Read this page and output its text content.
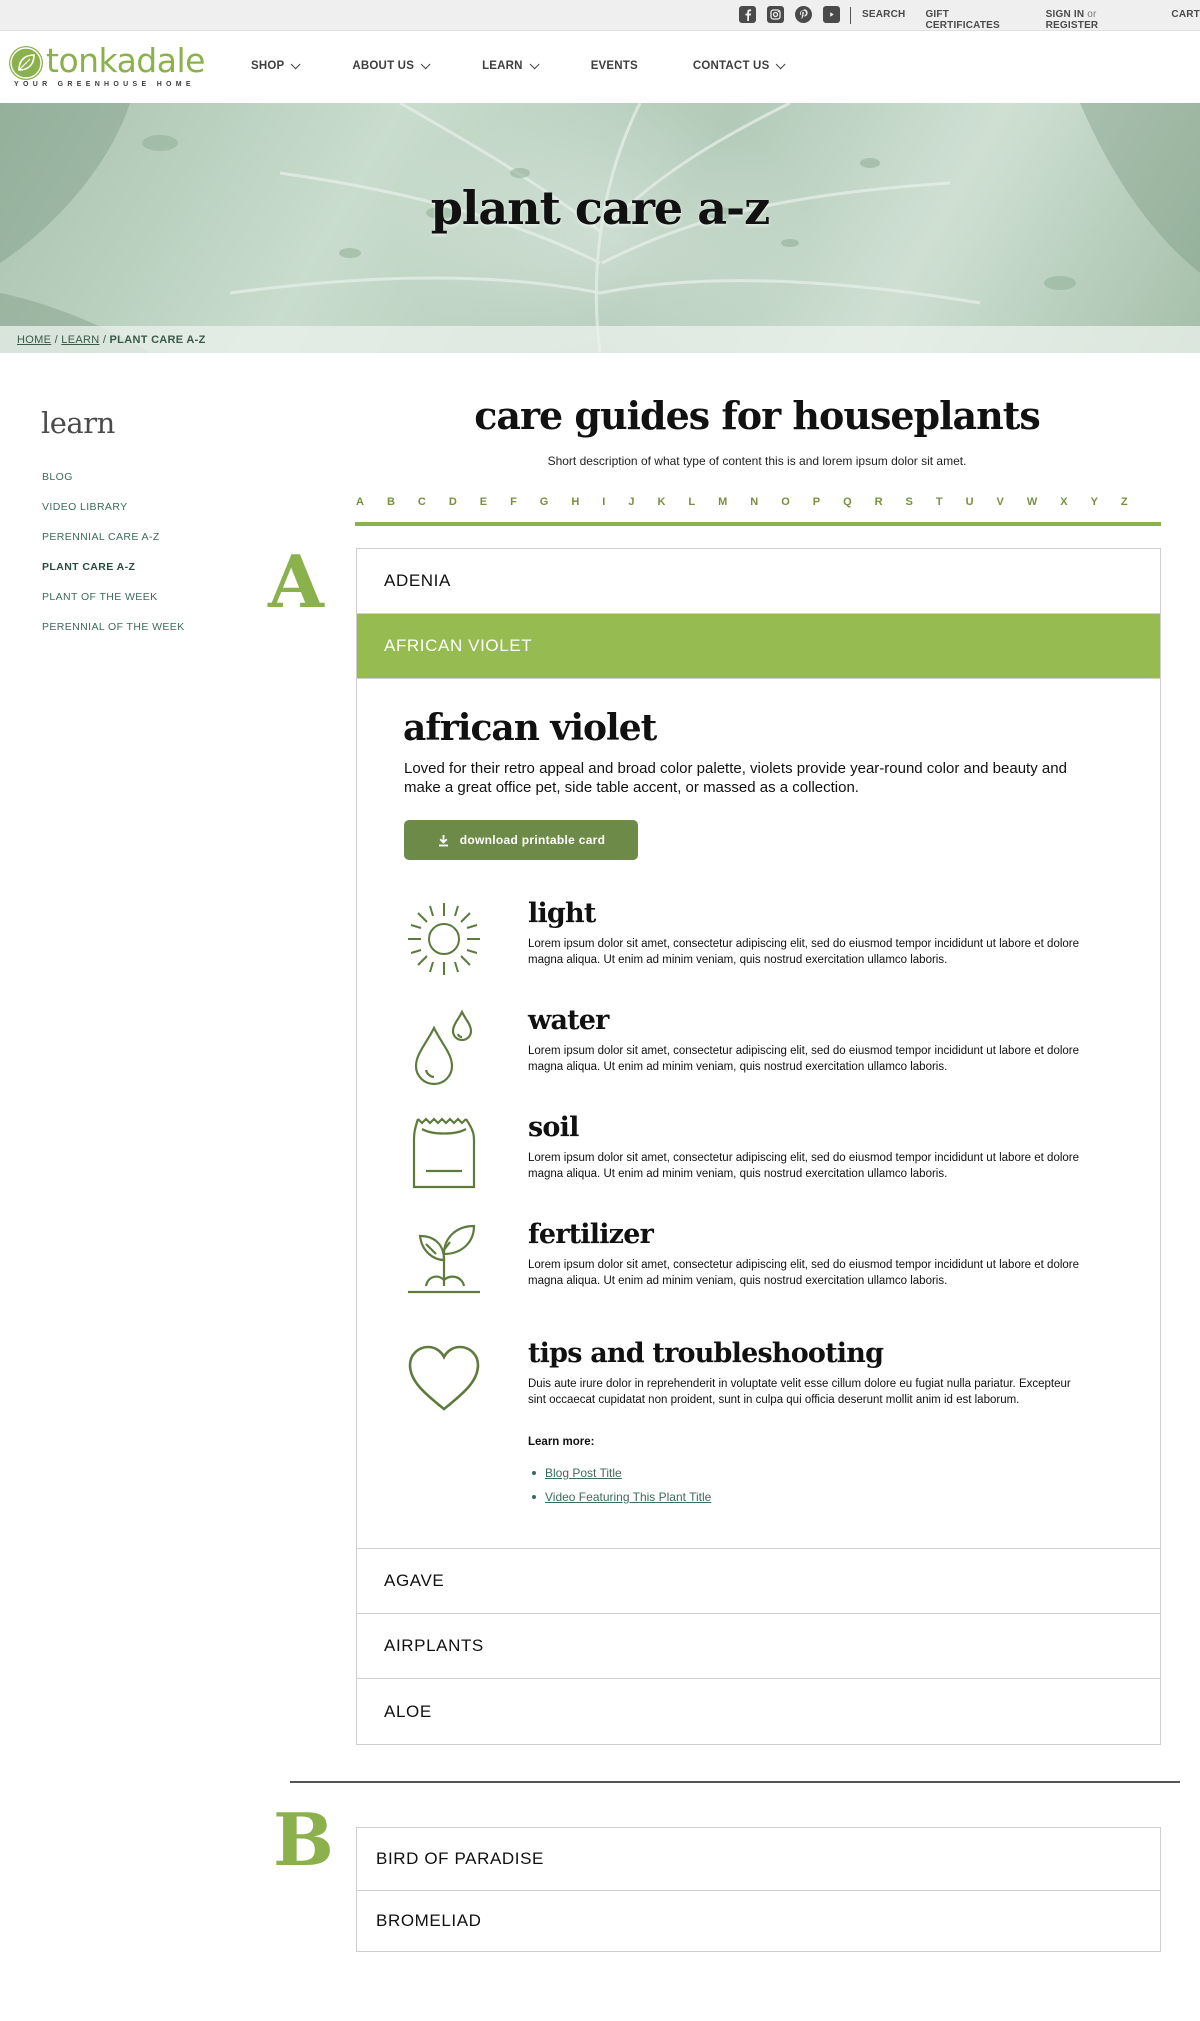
SEARCH GIFT CERTIFICATES
SIGN IN or REGISTER
CART
tonkadale
YOUR GREENHOUSE HOME
SHOP	ABOUT US	LEARN	EVENTS	CONTACT US
plant care a-z
HOME / LEARN / PLANT CARE A-Z
learn
BLOG
VIDEO LIBRARY
PERENNIAL CARE A-Z
PLANT CARE A-Z
PLANT OF THE WEEK
PERENNIAL OF THE WEEK
care guides for houseplants
Short description of what type of content this is and lorem ipsum dolor sit amet.
A B C D E F G H I J K L M N O P Q R S T U V W X Y Z
A	ADENIA
AFRICAN VIOLET
african violet
Loved for their retro appeal and broad color palette, violets provide year-round color and beauty and make a great office pet, side table accent, or massed as a collection.
download printable card
light

Lorem ipsum dolor sit amet, consectetur adipiscing elit, sed do eiusmod tempor incididunt ut labore et dolore magna aliqua. Ut enim ad minim veniam, quis nostrud exercitation ullamco laboris.

water

Lorem ipsum dolor sit amet, consectetur adipiscing elit, sed do eiusmod tempor incididunt ut labore et dolore magna aliqua. Ut enim ad minim veniam, quis nostrud exercitation ullamco laboris.

soil

Lorem ipsum dolor sit amet, consectetur adipiscing elit, sed do eiusmod tempor incididunt ut labore et dolore magna aliqua. Ut enim ad minim veniam, quis nostrud exercitation ullamco laboris.

fertilizer

Lorem ipsum dolor sit amet, consectetur adipiscing elit, sed do eiusmod tempor incididunt ut labore et dolore magna aliqua. Ut enim ad minim veniam, quis nostrud exercitation ullamco laboris.

tips and troubleshooting

Duis aute irure dolor in reprehenderit in voluptate velit esse cillum dolore eu fugiat nulla pariatur. Excepteur sint occaecat cupidatat non proident, sunt in culpa qui officia deserunt mollit anim id est laborum.

Learn more:
Blog Post Title
Video Featuring This Plant Title
AGAVE
AIRPLANTS
ALOE
B	BIRD OF PARADISE
BROMELIAD
